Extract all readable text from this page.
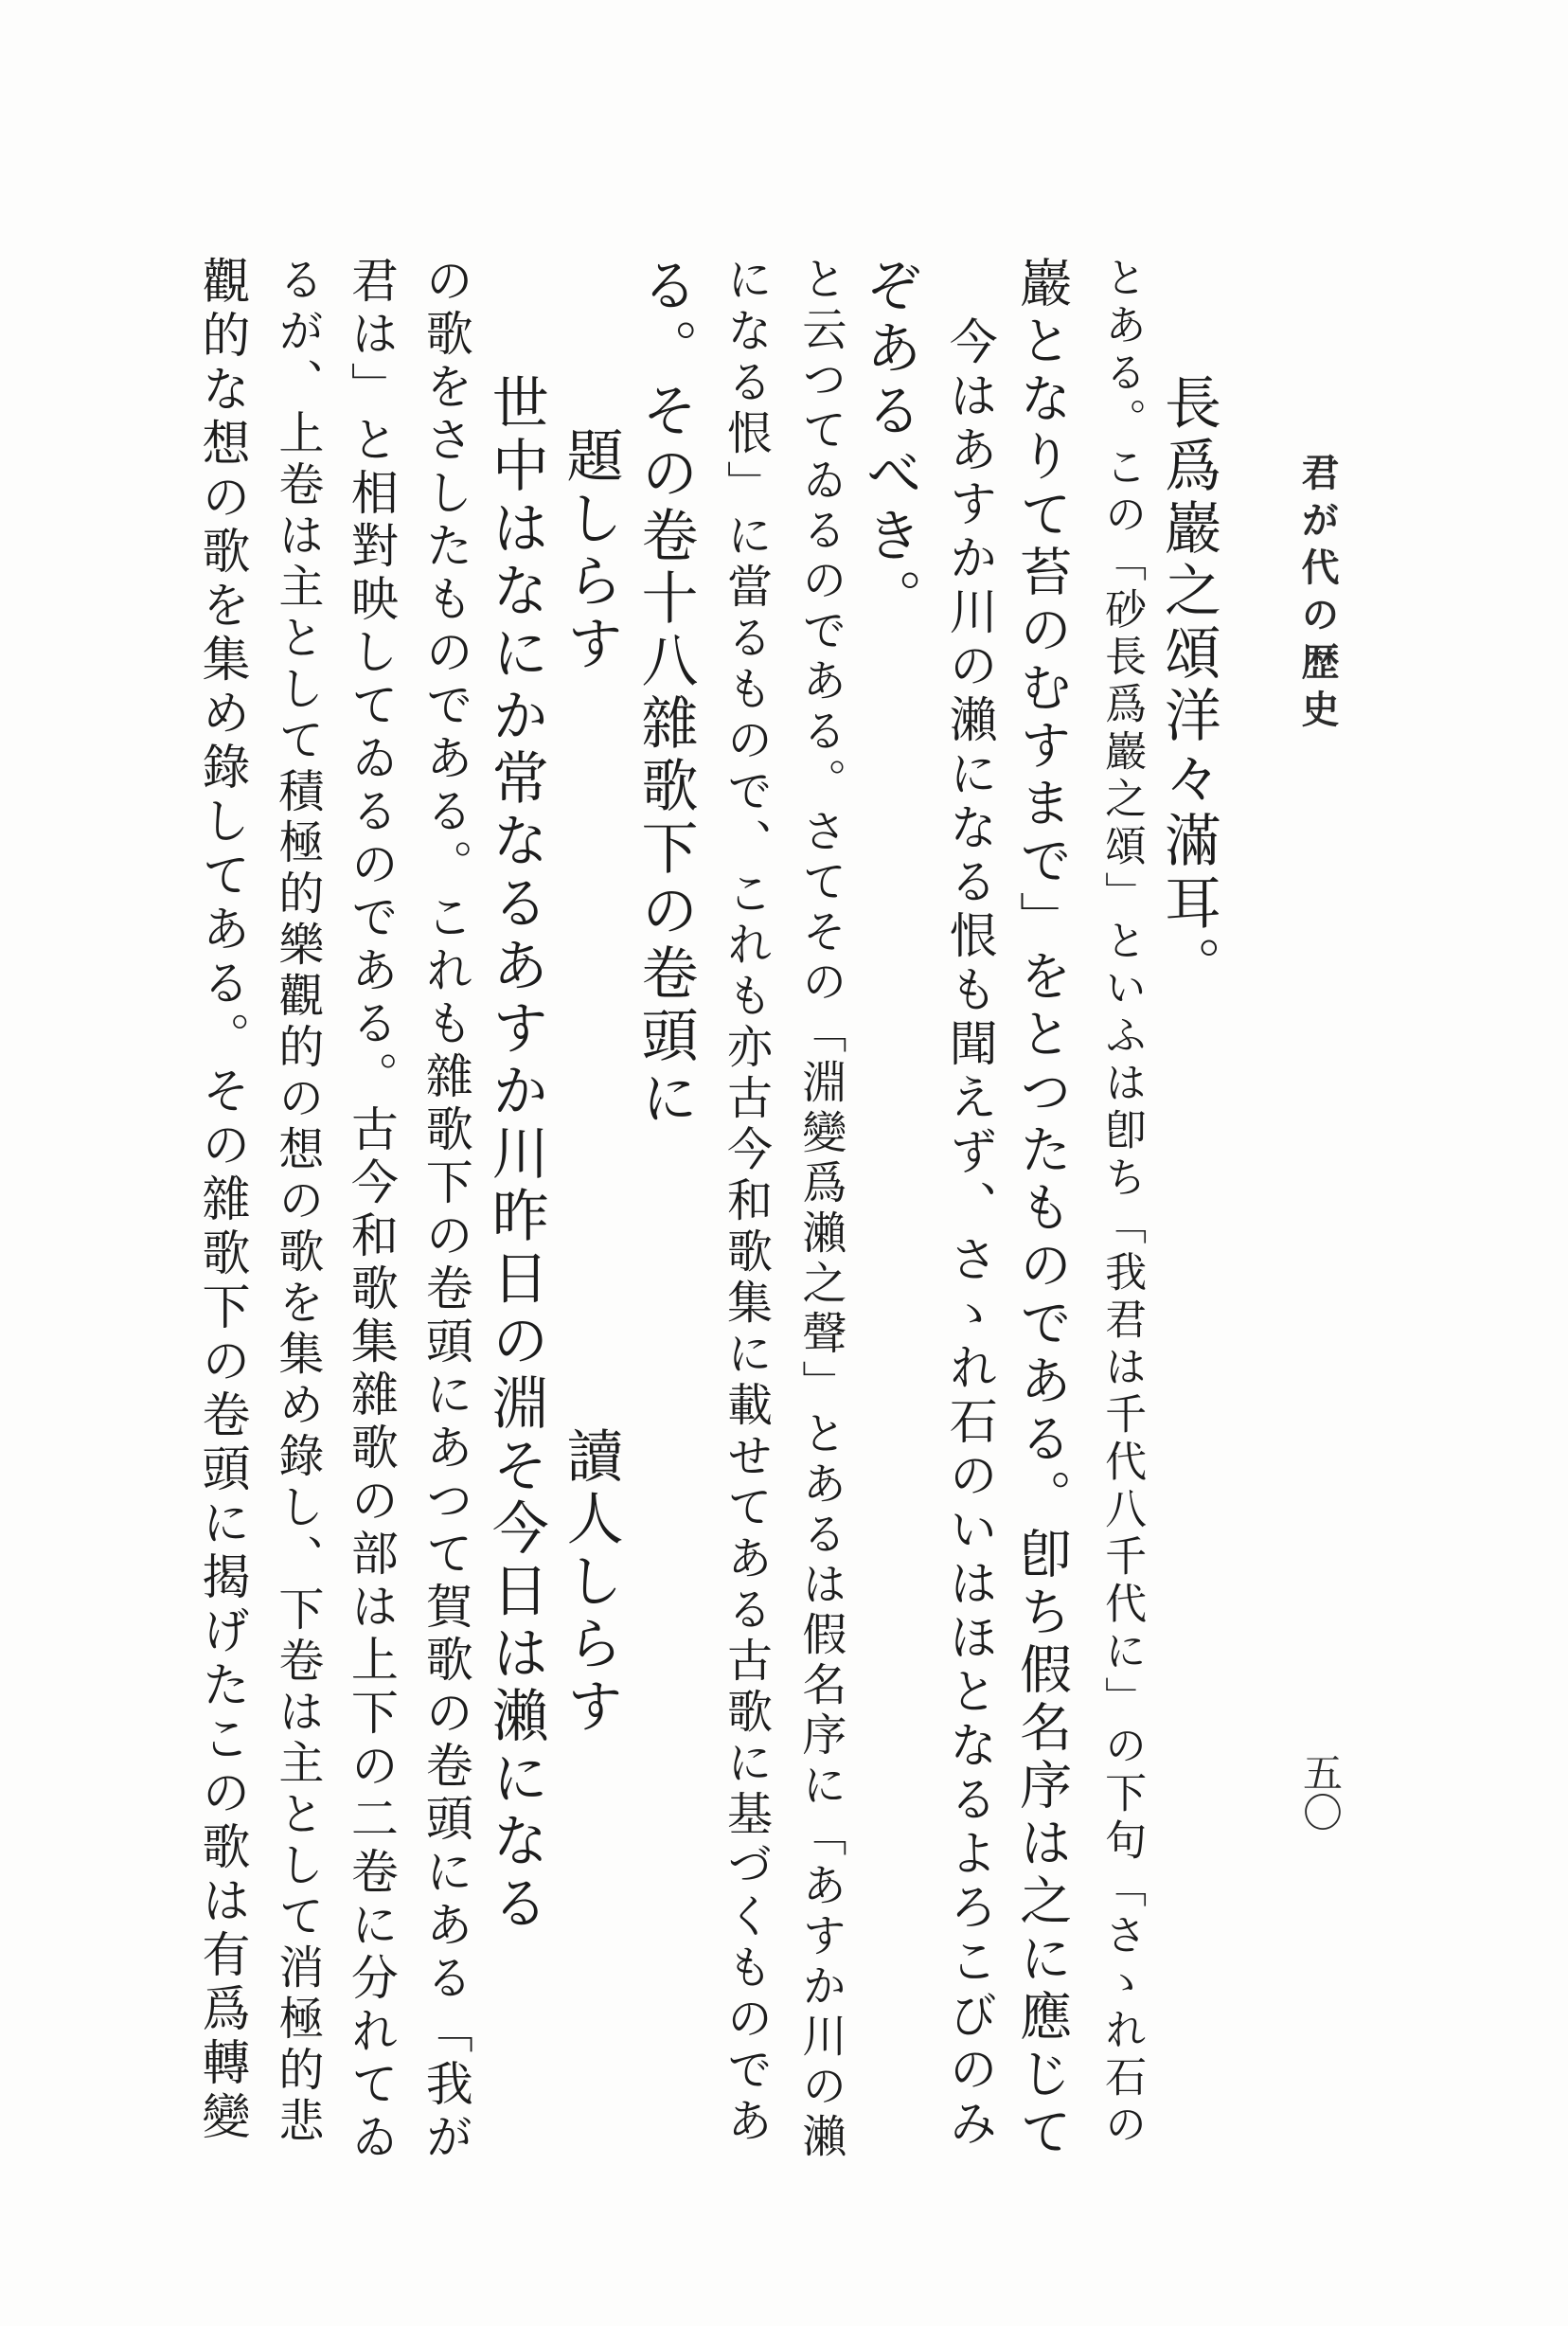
君が代の歴史
五〇
長爲巖之頌洋々滿耳。
とある。この「砂長爲巖之頌」といふは卽ち「我君は千代八千代に」の下句「さゝれ石の
巖となりて苔のむすまで」をとつたものである。卽ち假名序は之に應じて
今はあすか川の瀨になる恨も聞えず、さゝれ石のいはほとなるよろこびのみ
ぞあるべき。
と云つてゐるのである。さてその「淵變爲瀨之聲」とあるは假名序に「あすか川の瀨
になる恨」に當るもので、これも亦古今和歌集に載せてある古歌に基づくものであ
る。その卷十八雜歌下の卷頭に
題しらす　　　　　　　　　　　　讀人しらす
世中はなにか常なるあすか川昨日の淵そ今日は瀨になる
の歌をさしたものである。これも雜歌下の卷頭にあつて賀歌の卷頭にある「我が
君は」と相對映してゐるのである。古今和歌集雜歌の部は上下の二卷に分れてゐ
るが、上卷は主として積極的樂觀的の想の歌を集め錄し、下卷は主として消極的悲
觀的な想の歌を集め錄してある。その雜歌下の卷頭に揭げたこの歌は有爲轉變
